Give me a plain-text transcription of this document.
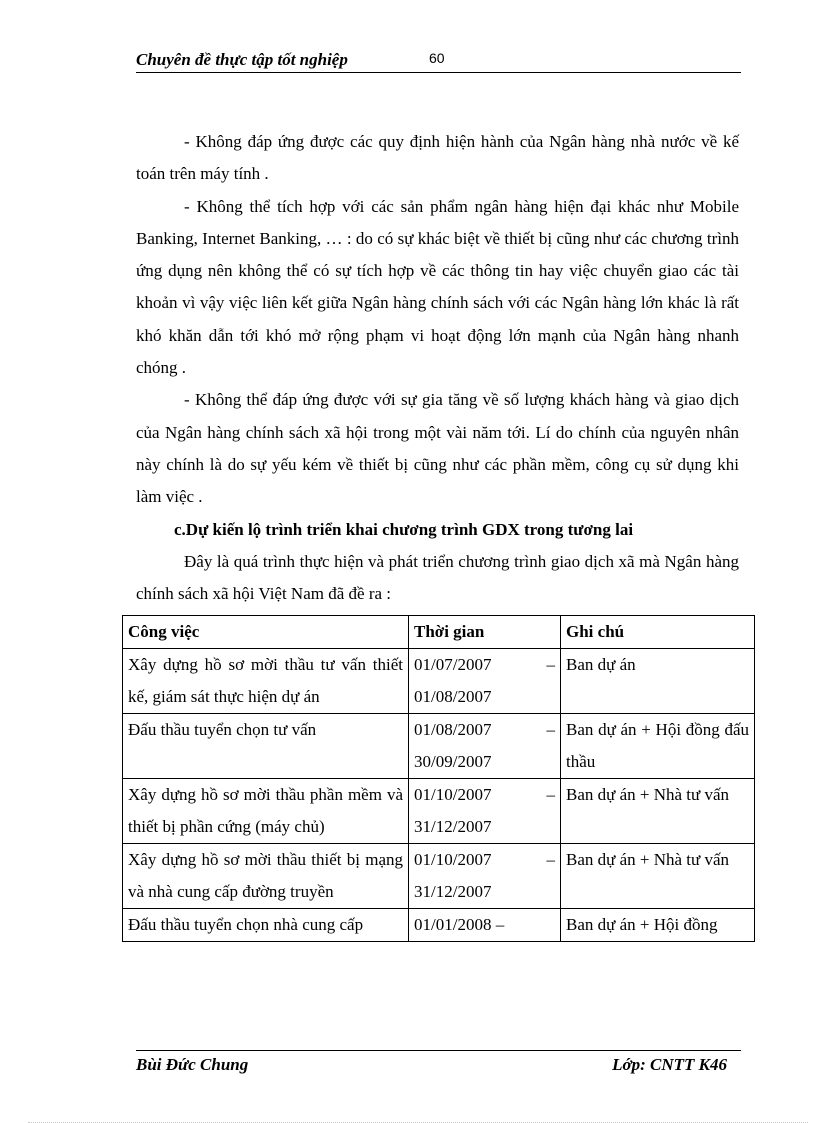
Chuyên đề thực tập tốt nghiệp	60

- Không đáp ứng được các quy định hiện hành của Ngân hàng nhà nước về kế toán trên máy tính .

- Không thể tích hợp với các sản phẩm ngân hàng hiện đại khác như Mobile Banking, Internet Banking, … : do có sự khác biệt về thiết bị cũng như các chương trình ứng dụng nên không thể có sự tích hợp về các thông tin hay việc chuyển giao các tài khoản vì vậy việc liên kết giữa Ngân hàng chính sách với các Ngân hàng lớn khác là rất khó khăn dẫn tới khó mở rộng phạm vi hoạt động lớn mạnh của Ngân hàng nhanh chóng .

- Không thể đáp ứng được với sự gia tăng về số lượng khách hàng và giao dịch của Ngân hàng chính sách xã hội trong một vài năm tới. Lí do chính của nguyên nhân này chính là do sự yếu kém về thiết bị cũng như các phần mềm, công cụ sử dụng khi làm việc .

c.Dự kiến lộ trình triển khai chương trình GDX trong tương lai

Đây là quá trình thực hiện và phát triển chương trình giao dịch xã mà Ngân hàng chính sách xã hội Việt Nam đã đề ra :

Công việc	Thời gian	Ghi chú
Xây dựng hồ sơ mời thầu tư vấn thiết kế, giám sát thực hiện dự án	01/07/2007 – 01/08/2007	Ban dự án
Đấu thầu tuyển chọn tư vấn	01/08/2007 – 30/09/2007	Ban dự án + Hội đồng đấu thầu
Xây dựng hồ sơ mời thầu phần mềm và thiết bị phần cứng (máy chủ)	01/10/2007 – 31/12/2007	Ban dự án + Nhà tư vấn
Xây dựng hồ sơ mời thầu thiết bị mạng và nhà cung cấp đường truyền	01/10/2007 – 31/12/2007	Ban dự án + Nhà tư vấn
Đấu thầu tuyển chọn nhà cung cấp	01/01/2008 –	Ban dự án + Hội đồng
Bùi Đức Chung	Lớp: CNTT K46
